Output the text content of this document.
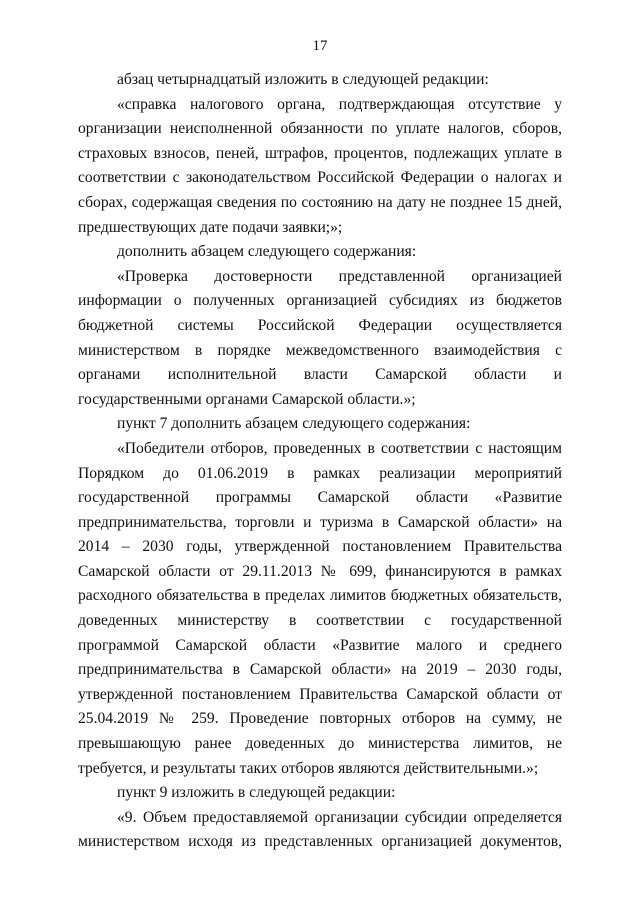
17

абзац четырнадцатый изложить в следующей редакции:

«справка налогового органа, подтверждающая отсутствие у организации неисполненной обязанности по уплате налогов, сборов, страховых взносов, пеней, штрафов, процентов, подлежащих уплате в соответствии с законодательством Российской Федерации о налогах и сборах, содержащая сведения по состоянию на дату не позднее 15 дней, предшествующих дате подачи заявки;»;

дополнить абзацем следующего содержания:

«Проверка достоверности представленной организацией информации о полученных организацией субсидиях из бюджетов бюджетной системы Российской Федерации осуществляется министерством в порядке межведомственного взаимодействия с органами исполнительной власти Самарской области и государственными органами Самарской области.»;

пункт 7 дополнить абзацем следующего содержания:

«Победители отборов, проведенных в соответствии с настоящим Порядком до 01.06.2019 в рамках реализации мероприятий государственной программы Самарской области «Развитие предпринимательства, торговли и туризма в Самарской области» на 2014 – 2030 годы, утвержденной постановлением Правительства Самарской области от 29.11.2013 № 699, финансируются в рамках расходного обязательства в пределах лимитов бюджетных обязательств, доведенных министерству в соответствии с государственной программой Самарской области «Развитие малого и среднего предпринимательства в Самарской области» на 2019 – 2030 годы, утвержденной постановлением Правительства Самарской области от 25.04.2019 № 259. Проведение повторных отборов на сумму, не превышающую ранее доведенных до министерства лимитов, не требуется, и результаты таких отборов являются действительными.»;

пункт 9 изложить в следующей редакции:

«9. Объем предоставляемой организации субсидии определяется министерством исходя из представленных организацией документов,
